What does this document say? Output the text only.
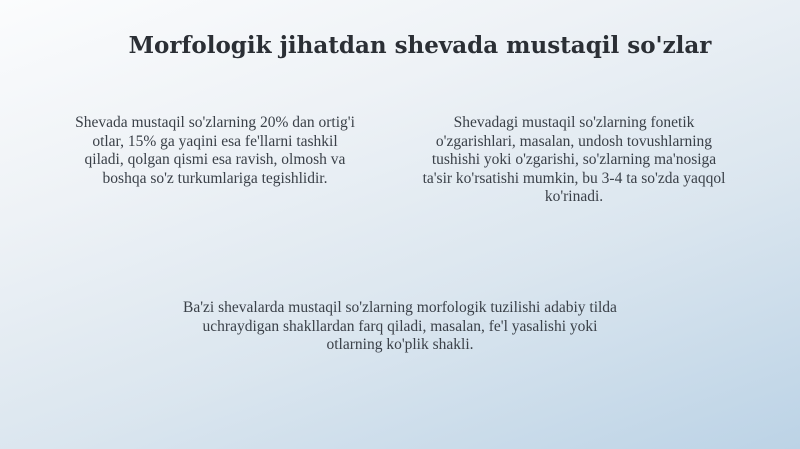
Morfologik jihatdan shevada mustaqil so'zlar

Shevada mustaqil so'zlarning 20% dan ortig'i
otlar, 15% ga yaqini esa fe'llarni tashkil
qiladi, qolgan qismi esa ravish, olmosh va
boshqa so'z turkumlariga tegishlidir.

Shevadagi mustaqil so'zlarning fonetik
o'zgarishlari, masalan, undosh tovushlarning
tushishi yoki o'zgarishi, so'zlarning ma'nosiga
ta'sir ko'rsatishi mumkin, bu 3-4 ta so'zda yaqqol
ko'rinadi.

Ba'zi shevalarda mustaqil so'zlarning morfologik tuzilishi adabiy tilda
uchraydigan shakllardan farq qiladi, masalan, fe'l yasalishi yoki
otlarning ko'plik shakli.
